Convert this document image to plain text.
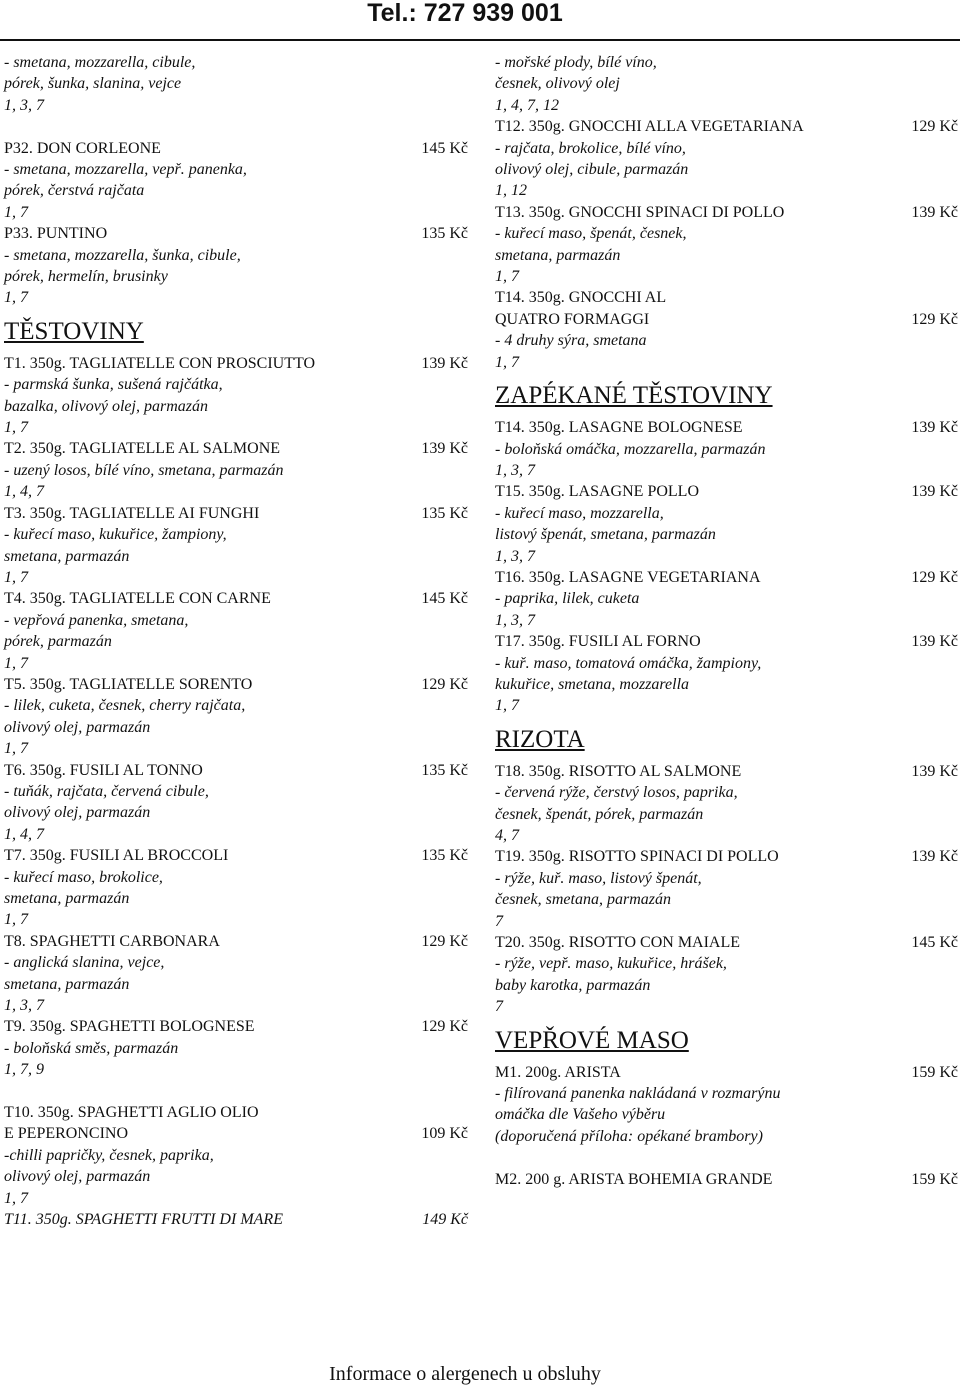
Tel.: 727 939 001
- smetana, mozzarella, cibule,
pórek, šunka, slanina, vejce
1, 3, 7
P32. DON CORLEONE	145 Kč
- smetana, mozzarella, vepř. panenka,
pórek, čerstvá rajčata
1, 7
P33. PUNTINO	135 Kč
- smetana, mozzarella, šunka, cibule,
pórek, hermelín, brusinky
1, 7
TĚSTOVINY
T1. 350g. TAGLIATELLE CON PROSCIUTTO	139 Kč
- parmská šunka, sušená rajčátka,
bazalka, olivový olej, parmazán
1, 7
T2. 350g. TAGLIATELLE AL SALMONE	139 Kč
- uzený losos, bílé víno, smetana, parmazán
1, 4, 7
T3. 350g. TAGLIATELLE AI FUNGHI	135 Kč
- kuřecí maso, kukuřice, žampiony,
smetana, parmazán
1, 7
T4. 350g. TAGLIATELLE CON CARNE	145 Kč
- vepřová panenka, smetana,
pórek, parmazán
1, 7
T5. 350g. TAGLIATELLE SORENTO	129 Kč
- lilek, cuketa, česnek, cherry rajčata,
olivový olej, parmazán
1, 7
T6. 350g. FUSILI AL TONNO	135 Kč
- tuňák, rajčata, červená cibule,
olivový olej, parmazán
1, 4, 7
T7. 350g. FUSILI AL BROCCOLI	135 Kč
- kuřecí maso, brokolice,
smetana, parmazán
1, 7
T8. SPAGHETTI CARBONARA	129 Kč
- anglická slanina, vejce,
smetana, parmazán
1, 3, 7
T9. 350g. SPAGHETTI BOLOGNESE	129 Kč
- boloňská směs, parmazán
1, 7, 9
T10. 350g. SPAGHETTI AGLIO OLIO
E PEPERONCINO	109 Kč
-chilli papričky, česnek, paprika,
olivový olej, parmazán
1, 7
T11. 350g. SPAGHETTI FRUTTI DI MARE	149 Kč
- mořské plody, bílé víno,
česnek, olivový olej
1, 4, 7, 12
T12. 350g. GNOCCHI ALLA VEGETARIANA	129 Kč
- rajčata, brokolice, bílé víno,
olivový olej, cibule, parmazán
1, 12
T13. 350g. GNOCCHI SPINACI DI POLLO	139 Kč
- kuřecí maso, špenát, česnek,
smetana, parmazán
1, 7
T14. 350g. GNOCCHI AL
QUATRO FORMAGGI	129 Kč
- 4 druhy sýra, smetana
1, 7
ZAPÉKANÉ TĚSTOVINY
T14. 350g. LASAGNE BOLOGNESE	139 Kč
- boloňská omáčka, mozzarella, parmazán
1, 3, 7
T15. 350g. LASAGNE POLLO	139 Kč
- kuřecí maso, mozzarella,
listový špenát, smetana, parmazán
1, 3, 7
T16. 350g. LASAGNE VEGETARIANA	129 Kč
- paprika, lilek, cuketa
1, 3, 7
T17. 350g. FUSILI AL FORNO	139 Kč
- kuř. maso, tomatová omáčka, žampiony,
kukuřice, smetana, mozzarella
1, 7
RIZOTA
T18. 350g. RISOTTO AL SALMONE	139 Kč
- červená rýže, čerstvý losos, paprika,
česnek, špenát, pórek, parmazán
4, 7
T19. 350g. RISOTTO SPINACI DI POLLO	139 Kč
- rýže, kuř. maso, listový špenát,
česnek, smetana, parmazán
7
T20. 350g. RISOTTO CON MAIALE	145 Kč
- rýže, vepř. maso, kukuřice, hrášek,
baby karotka, parmazán
7
VEPŘOVÉ MASO
M1. 200g. ARISTA	159 Kč
- filírovaná panenka nakládaná v rozmarýnu
omáčka dle Vašeho výběru
(doporučená příloha: opékané brambory)
M2. 200 g. ARISTA BOHEMIA GRANDE	159 Kč
Informace o alergenech u obsluhy
